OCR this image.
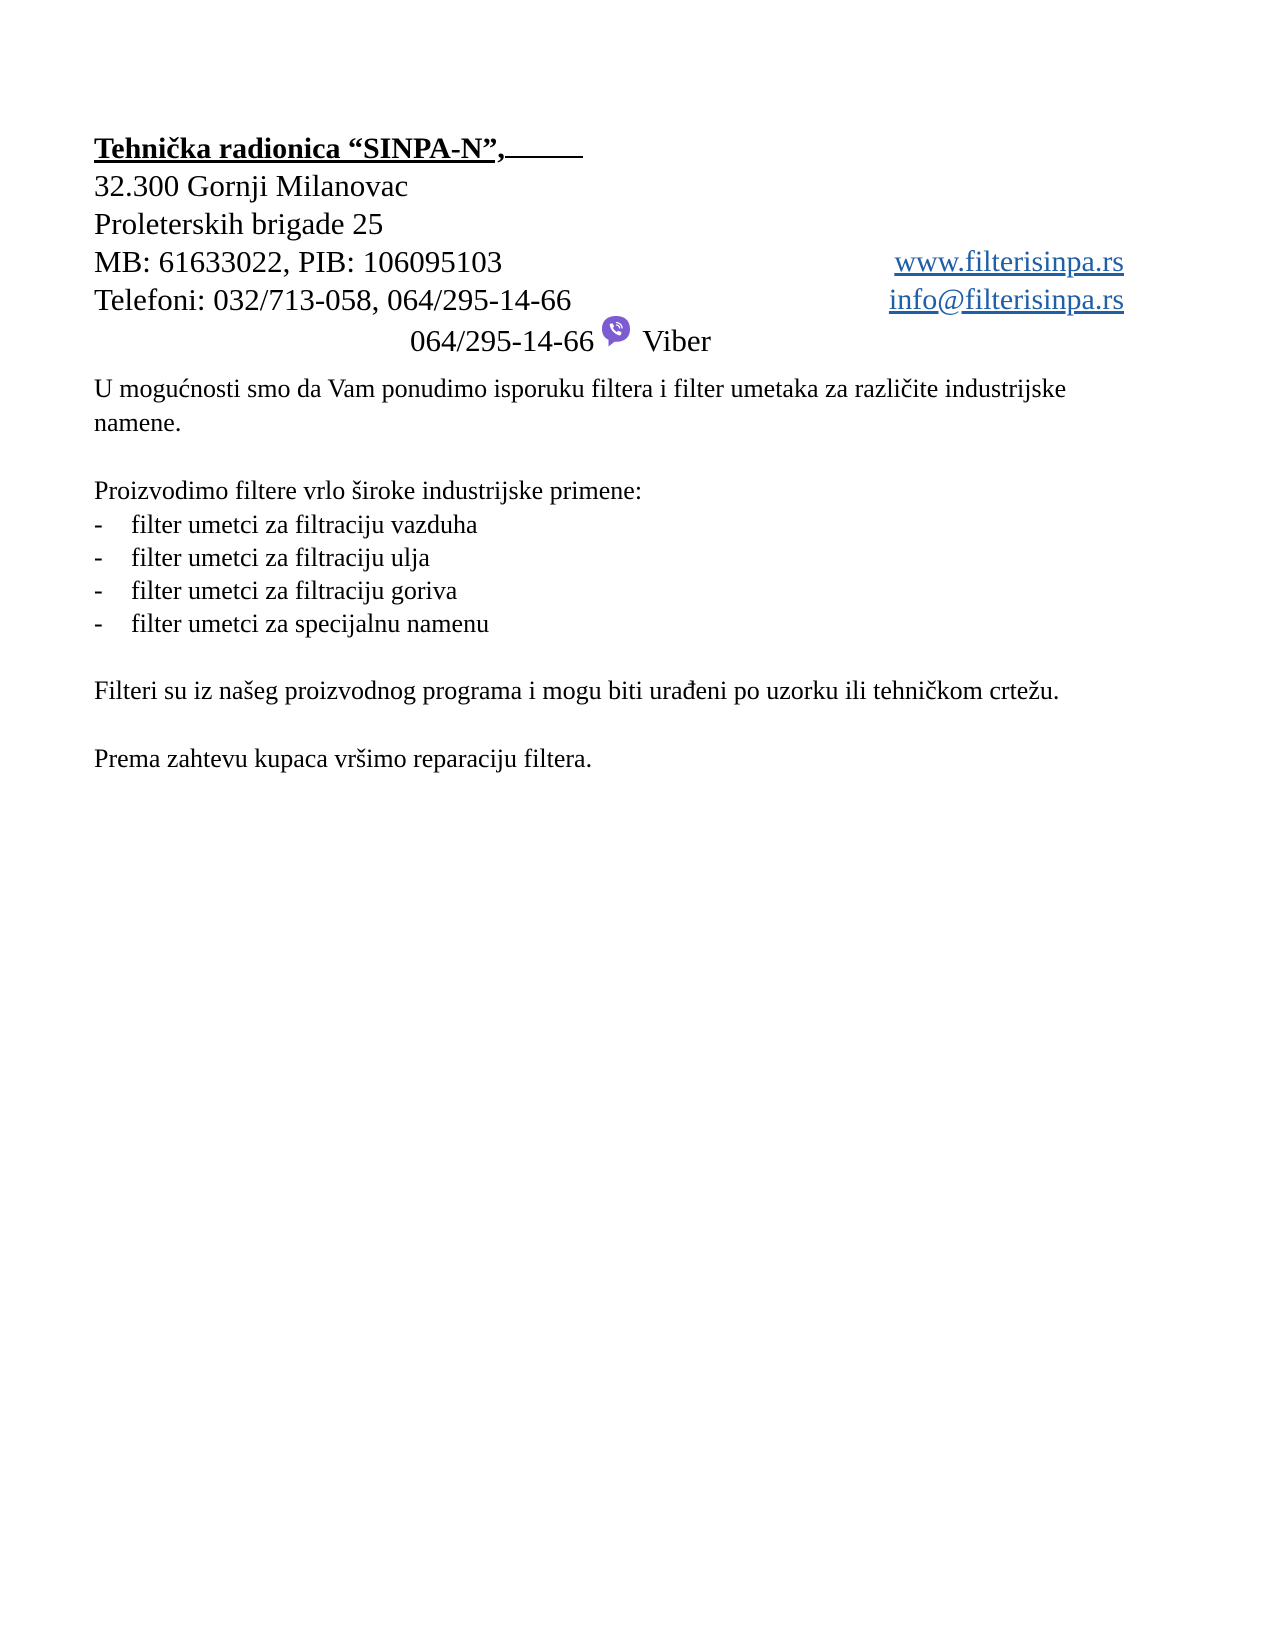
Tehnička radionica “SINPA-N”,
32.300 Gornji Milanovac
Proleterskih brigade 25
MB: 61633022, PIB: 106095103	www.filterisinpa.rs
Telefoni: 032/713-058, 064/295-14-66	info@filterisinpa.rs
064/295-14-66 Viber

U mogućnosti smo da Vam ponudimo isporuku filtera i filter umetaka za različite industrijske namene.

Proizvodimo filtere vrlo široke industrijske primene:

- filter umetci za filtraciju vazduha
- filter umetci za filtraciju ulja
- filter umetci za filtraciju goriva
- filter umetci za specijalnu namenu

Filteri su iz našeg proizvodnog programa i mogu biti urađeni po uzorku ili tehničkom crtežu.

Prema zahtevu kupaca vršimo reparaciju filtera.
